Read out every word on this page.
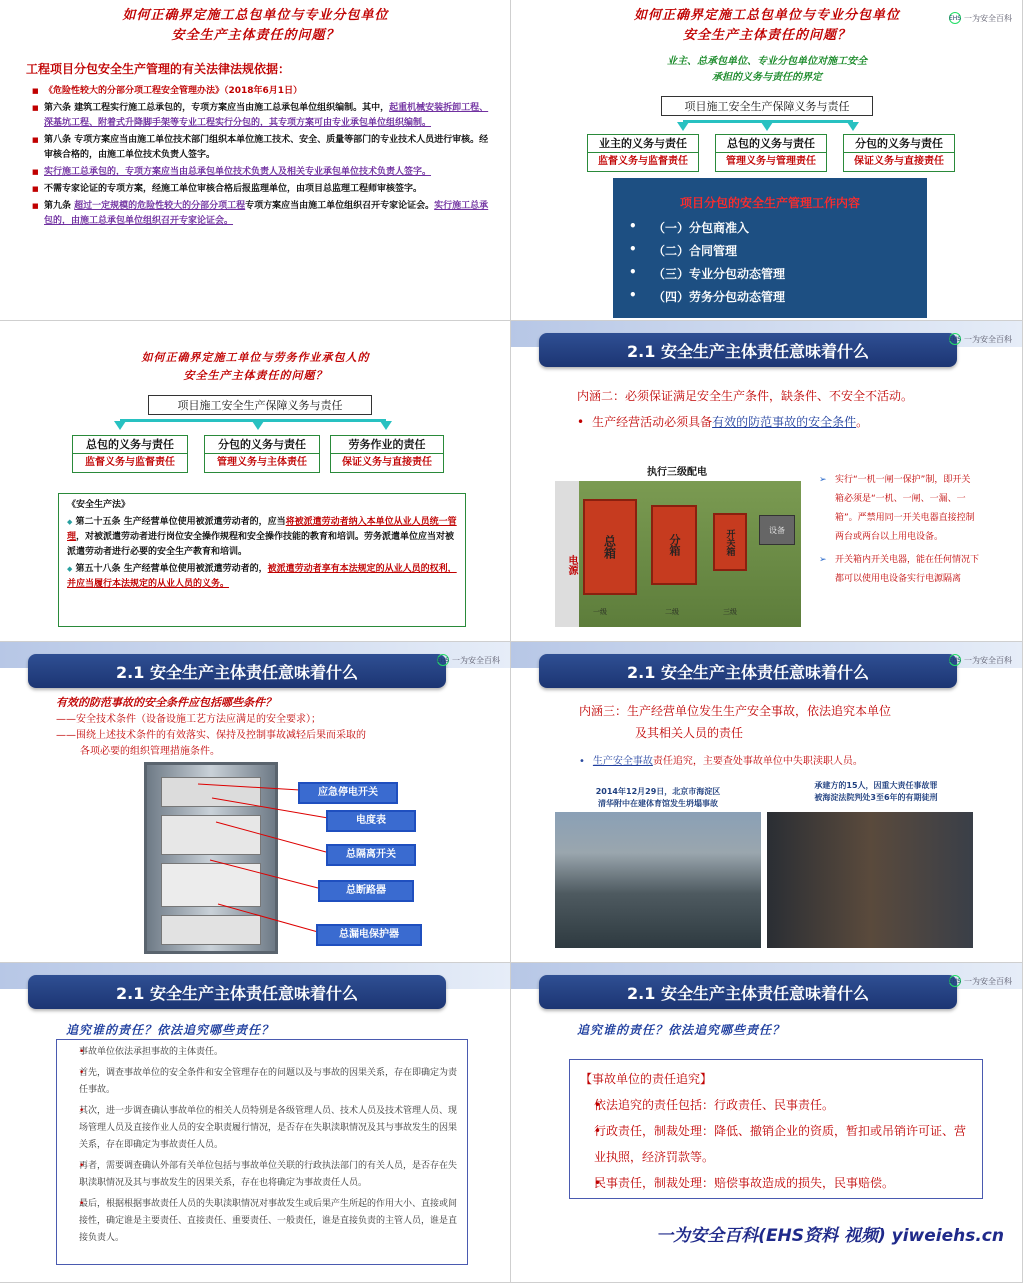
如何正确界定施工总包单位与专业分包单位
安全生产主体责任的问题？
工程项目分包安全生产管理的有关法律法规依据：
■ 《危险性较大的分部分项工程安全管理办法》（2018年6月1日）
■ 第六条 建筑工程实行施工总承包的，专项方案应当由施工总承包单位组织编制。其中，起重机械安装拆卸工程、深基坑工程、附着式升降脚手架等专业工程实行分包的，其专项方案可由专业承包单位组织编制。
■ 第八条 专项方案应当由施工单位技术部门组织本单位施工技术、安全、质量等部门的专业技术人员进行审核。经审核合格的，由施工单位技术负责人签字。
■ 实行施工总承包的，专项方案应当由总承包单位技术负责人及相关专业承包单位技术负责人签字。
■ 不需专家论证的专项方案，经施工单位审核合格后报监理单位，由项目总监理工程师审核签字。
■ 第九条 超过一定规模的危险性较大的分部分项工程专项方案应当由施工单位组织召开专家论证会。实行施工总承包的，由施工总承包单位组织召开专家论证会。
如何正确界定施工总包单位与专业分包单位
安全生产主体责任的问题？
EHS 一为安全百科
业主、总承包单位、专业分包单位对施工安全
承担的义务与责任的界定
项目施工安全生产保障义务与责任
业主的义务与责任
监督义务与监督责任
总包的义务与责任
管理义务与管理责任
分包的义务与责任
保证义务与直接责任
项目分包的安全生产管理工作内容
• （一）分包商准入
• （二）合同管理
• （三）专业分包动态管理
• （四）劳务分包动态管理
如何正确界定施工单位与劳务作业承包人的
安全生产主体责任的问题？
项目施工安全生产保障义务与责任
总包的义务与责任
监督义务与监督责任
分包的义务与责任
管理义务与主体责任
劳务作业的责任
保证义务与直接责任
《安全生产法》
◆ 第二十五条 生产经营单位使用被派遣劳动者的，应当将被派遣劳动者纳入本单位从业人员统一管理，对被派遣劳动者进行岗位安全操作规程和安全操作技能的教育和培训。劳务派遣单位应当对被派遣劳动者进行必要的安全生产教育和培训。
◆ 第五十八条 生产经营单位使用被派遣劳动者的，被派遣劳动者享有本法规定的从业人员的权利，并应当履行本法规定的从业人员的义务。
2.1 安全生产主体责任意味着什么
EHS 一为安全百科
内涵二：必须保证满足安全生产条件，缺条件、不安全不活动。
• 生产经营活动必须具备有效的防范事故的安全条件。
执行三级配电
电源
总箱	分箱	开关箱	设备
一级	二级	三级
➢ 实行“一机一闸一保护”制，即开关箱必须是“一机、一闸、一漏、一箱”。严禁用同一开关电器直接控制两台或两台以上用电设备。
➢ 开关箱内开关电器，能在任何情况下都可以使用电设备实行电源隔离
2.1 安全生产主体责任意味着什么
EHS 一为安全百科
有效的防范事故的安全条件应包括哪些条件？
——安全技术条件（设备设施工艺方法应满足的安全要求）；
——围绕上述技术条件的有效落实、保持及控制事故减轻后果而采取的
各项必要的组织管理措施条件。
应急停电开关
电度表
总隔离开关
总断路器
总漏电保护器
2.1 安全生产主体责任意味着什么
EHS 一为安全百科
内涵三：生产经营单位发生生产安全事故，依法追究本单位
及其相关人员的责任
• 生产安全事故责任追究，主要查处事故单位中失职渎职人员。
2014年12月29日，北京市海淀区
清华附中在建体育馆发生坍塌事故
承建方的15人，因重大责任事故罪
被海淀法院判处3至6年的有期徒刑
2.1 安全生产主体责任意味着什么
追究谁的责任？依法追究哪些责任？
• 事故单位依法承担事故的主体责任。
• 首先，调查事故单位的安全条件和安全管理存在的问题以及与事故的因果关系，存在即确定为责任事故。
• 其次，进一步调查确认事故单位的相关人员特别是各级管理人员、技术人员及技术管理人员、现场管理人员及直接作业人员的安全职责履行情况，是否存在失职渎职情况及其与事故发生的因果关系，存在即确定为事故责任人员。
• 再者，需要调查确认外部有关单位包括与事故单位关联的行政执法部门的有关人员，是否存在失职渎职情况及其与事故发生的因果关系，存在也将确定为事故责任人员。
• 最后，根据根据事故责任人员的失职渎职情况对事故发生或后果产生所起的作用大小、直接或间接性，确定谁是主要责任、直接责任、重要责任、一般责任，谁是直接负责的主管人员，谁是直接负责人。
2.1 安全生产主体责任意味着什么
EHS 一为安全百科
追究谁的责任？依法追究哪些责任？
【事故单位的责任追究】
• 依法追究的责任包括：行政责任、民事责任。
• 行政责任，制裁处理：降低、撤销企业的资质，暂扣或吊销许可证、营业执照，经济罚款等。
• 民事责任，制裁处理：赔偿事故造成的损失，民事赔偿。
一为安全百科(EHS资料 视频) yiweiehs.cn
